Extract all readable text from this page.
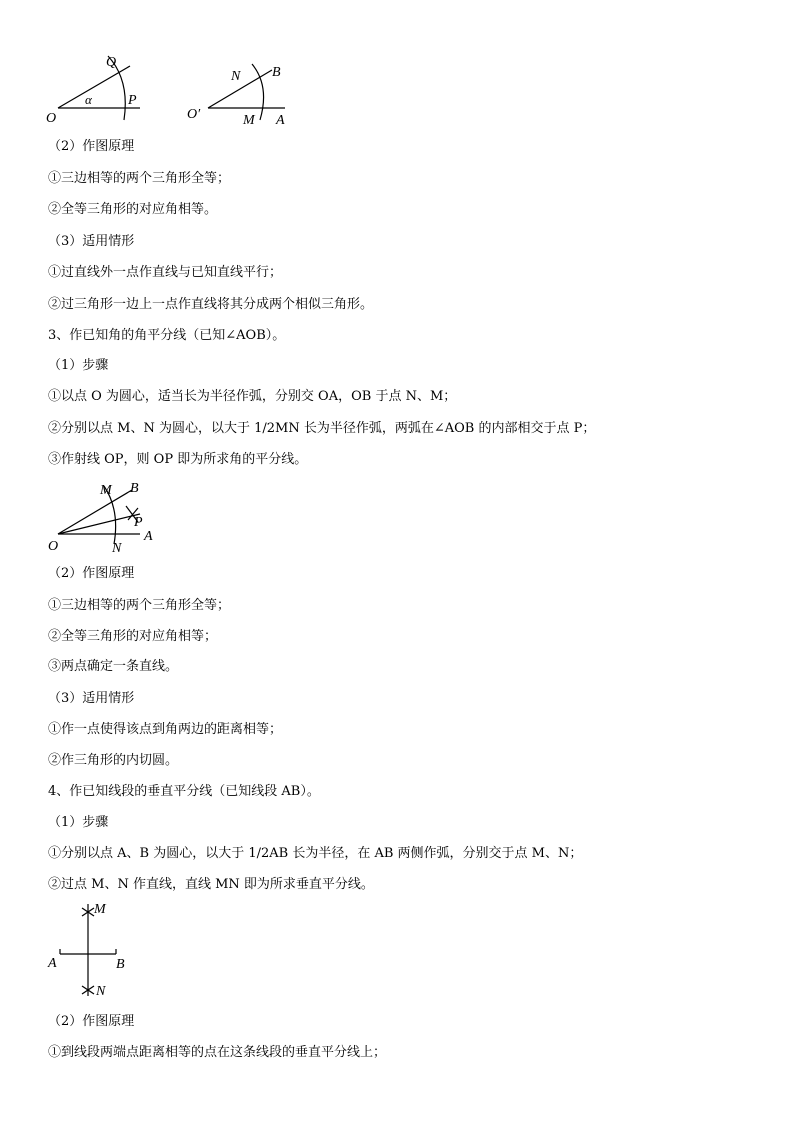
Q
α	P
O
N B
O′	M A
（2）作图原理
①三边相等的两个三角形全等；
②全等三角形的对应角相等。
（3）适用情形
①过直线外一点作直线与已知直线平行；
②过三角形一边上一点作直线将其分成两个相似三角形。
3、作已知角的角平分线（已知∠AOB）。
（1）步骤
①以点 O 为圆心，适当长为半径作弧，分别交 OA，OB 于点 N、M；
②分别以点 M、N 为圆心，以大于 1/2MN 长为半径作弧，两弧在∠AOB 的内部相交于点 P；
③作射线 OP，则 OP 即为所求角的平分线。
M B
P
A
O	N
（2）作图原理
①三边相等的两个三角形全等；
②全等三角形的对应角相等；
③两点确定一条直线。
（3）适用情形
①作一点使得该点到角两边的距离相等；
②作三角形的内切圆。
4、作已知线段的垂直平分线（已知线段 AB）。
（1）步骤
①分别以点 A、B 为圆心，以大于 1/2AB 长为半径，在 AB 两侧作弧，分别交于点 M、N；
②过点 M、N 作直线，直线 MN 即为所求垂直平分线。
M
A	B
N
（2）作图原理
①到线段两端点距离相等的点在这条线段的垂直平分线上；
